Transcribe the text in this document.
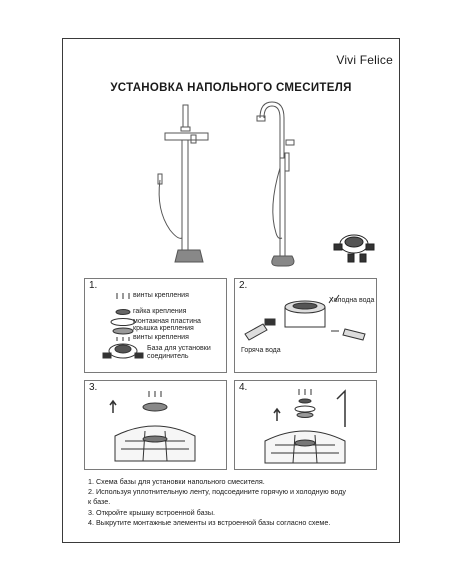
Vivi Felice
УСТАНОВКА НАПОЛЬНОГО СМЕСИТЕЛЯ
1.
винты крепления
гайка крепления
монтажная пластина
крышка крепления
винты крепления
Базa для установки
соединитель
2.
Холодна вода
Горяча вода
3.	4.
1. Схема базы для установки напольного смесителя.
2. Используя уплотнительную ленту, подсоедините горячую и холодную воду
к базе.
3. Откройте крышку встроенной базы.
4. Выкрутите монтажные элементы из встроенной базы согласно схеме.
